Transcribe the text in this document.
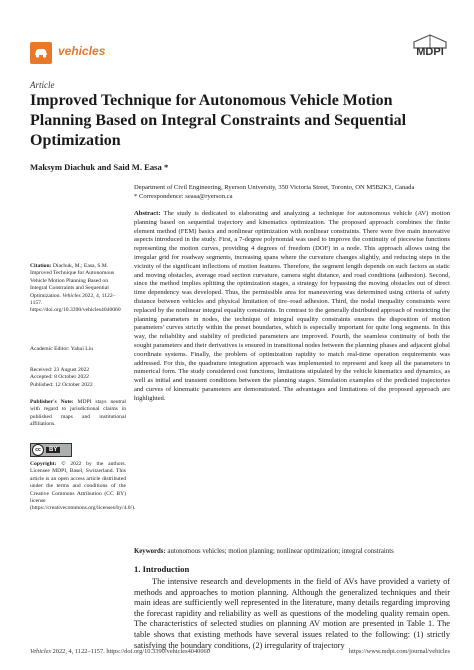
vehicles	MDPI
Article
Improved Technique for Autonomous Vehicle Motion Planning Based on Integral Constraints and Sequential Optimization
Maksym Diachuk and Said M. Easa *

Department of Civil Engineering, Ryerson University, 350 Victoria Street, Toronto, ON M5B2K3, Canada

* Correspondence: seasa@ryerson.ca

Abstract: The study is dedicated to elaborating and analyzing a technique for autonomous vehicle (AV) motion planning based on sequential trajectory and kinematics optimization. The proposed approach combines the finite element method (FEM) basics and nonlinear optimization with nonlinear constraints. There were five main innovative aspects introduced in the study. First, a 7-degree polynomial was used to improve the continuity of piecewise functions representing the motion curves, providing 4 degrees of freedom (DOF) in a node. This approach allows using the irregular grid for roadway segments, increasing spans where the curvature changes slightly, and reducing steps in the vicinity of the significant inflections of motion features. Therefore, the segment length depends on such factors as static and moving obstacles, average road section curvature, camera sight distance, and road conditions (adhesion). Second, since the method implies splitting the optimization stages, a strategy for bypassing the moving obstacles out of direct time dependency was developed. Thus, the permissible area for maneuvering was determined using criteria of safety distance between vehicles and physical limitation of tire–road adhesion. Third, the nodal inequality constraints were replaced by the nonlinear integral equality constraints. In contrast to the generally distributed approach of restricting the planning parameters in nodes, the technique of integral equality constraints ensures the disposition of motion parameters' curves strictly within the preset boundaries, which is especially important for quite long segments. In this way, the reliability and stability of predicted parameters are improved. Fourth, the seamless continuity of both the sought parameters and their derivatives is ensured in transitional nodes between the planning phases and adjacent global coordinate systems. Finally, the problem of optimization rapidity to match real-time operation requirements was addressed. For this, the quadrature integration approach was implemented to represent and keep all the parameters in numerical form. The study considered cost functions, limitations stipulated by the vehicle kinematics and dynamics, as well as initial and transient conditions between the planning stages. Simulation examples of the predicted trajectories and curves of kinematic parameters are demonstrated. The advantages and limitations of the proposed approach are highlighted.
Keywords: autonomous vehicles; motion planning; nonlinear optimization; integral constraints
Citation: Diachuk, M.; Easa, S.M. Improved Technique for Autonomous Vehicle Motion Planning Based on Integral Constraints and Sequential Optimization. Vehicles 2022, 4, 1122–1157. https://doi.org/10.3390/vehicles4040060
Academic Editor: Yahui Liu

Received: 23 August 2022

Accepted: 8 October 2022

Published: 12 October 2022

Publisher's Note: MDPI stays neutral with regard to jurisdictional claims in published maps and institutional affiliations.
cc	BY
Copyright: © 2022 by the authors. Licensee MDPI, Basel, Switzerland. This article is an open access article distributed under the terms and conditions of the Creative Commons Attribution (CC BY) license (https://creativecommons.org/licenses/by/4.0/).
1. Introduction

The intensive research and developments in the field of AVs have provided a variety of methods and approaches to motion planning. Although the generalized techniques and their main ideas are sufficiently well represented in the literature, many details regarding improving the forecast rapidity and reliability as well as questions of the modeling quality remain open. The characteristics of selected studies on planning AV motion are presented in Table 1. The table shows that existing methods have several issues related to the following: (1) strictly satisfying the boundary conditions, (2) irregularity of trajectory

Vehicles 2022, 4, 1122–1157. https://doi.org/10.3390/vehicles4040060	https://www.mdpi.com/journal/vehicles
